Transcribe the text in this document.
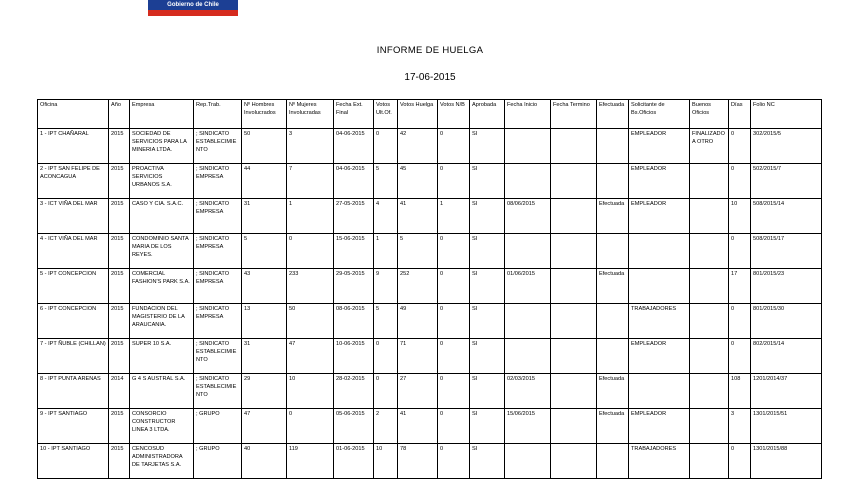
Gobierno de Chile
INFORME DE HUELGA
17-06-2015
Oficina	Año	Empresa	Rep.Trab.	Nº Hombres Involucrados	Nº Mujeres Involucradas	Fecha Ext. Final	Votos Ult.Of.	Votos Huelga	Votos N/B	Aprobada	Fecha Inicio	Fecha Termino	Efectuada	Solicitante de Bs.Oficios	Buenos Oficios	Días	Folio NC
1 - IPT CHAÑARAL	2015	SOCIEDAD DE SERVICIOS PARA LA MINERIA LTDA.	; SINDICATO ESTABLECIMIENTO	50	3	04-06-2015	0	42	0	SI				EMPLEADOR	FINALIZADO A OTRO	0	302/2015/5
2 - IPT SAN FELIPE DE ACONCAGUA	2015	PROACTIVA SERVICIOS URBANOS S.A.	; SINDICATO EMPRESA	44	7	04-06-2015	5	45	0	SI				EMPLEADOR		0	502/2015/7
3 - ICT VIÑA DEL MAR	2015	CASO Y CIA. S.A.C.	; SINDICATO EMPRESA	31	1	27-05-2015	4	41	1	SI	08/06/2015		Efectuada	EMPLEADOR		10	508/2015/14
4 - ICT VIÑA DEL MAR	2015	CONDOMINIO SANTA MARIA DE LOS REYES.	; SINDICATO EMPRESA	5	0	15-06-2015	1	5	0	SI						0	508/2015/17
5 - IPT CONCEPCION	2015	COMERCIAL FASHION'S PARK S.A.	; SINDICATO EMPRESA	43	233	29-05-2015	9	252	0	SI	01/06/2015		Efectuada			17	801/2015/23
6 - IPT CONCEPCION	2015	FUNDACION DEL MAGISTERIO DE LA ARAUCANIA.	; SINDICATO EMPRESA	13	50	08-06-2015	5	49	0	SI				TRABAJADORES		0	801/2015/30
7 - IPT ÑUBLE (CHILLAN)	2015	SUPER 10 S.A.	; SINDICATO ESTABLECIMIENTO	31	47	10-06-2015	0	71	0	SI				EMPLEADOR		0	802/2015/14
8 - IPT PUNTA ARENAS	2014	G 4 S AUSTRAL S.A.	; SINDICATO ESTABLECIMIENTO	29	10	28-02-2015	0	27	0	SI	02/03/2015		Efectuada			108	1201/2014/37
9 - IPT SANTIAGO	2015	CONSORCIO CONSTRUCTOR LINEA 3 LTDA.	; GRUPO	47	0	05-06-2015	2	41	0	SI	15/06/2015		Efectuada	EMPLEADOR		3	1301/2015/51
10 - IPT SANTIAGO	2015	CENCOSUD ADMINISTRADORA DE TARJETAS S.A.	; GRUPO	40	119	01-06-2015	10	78	0	SI				TRABAJADORES		0	1301/2015/88
